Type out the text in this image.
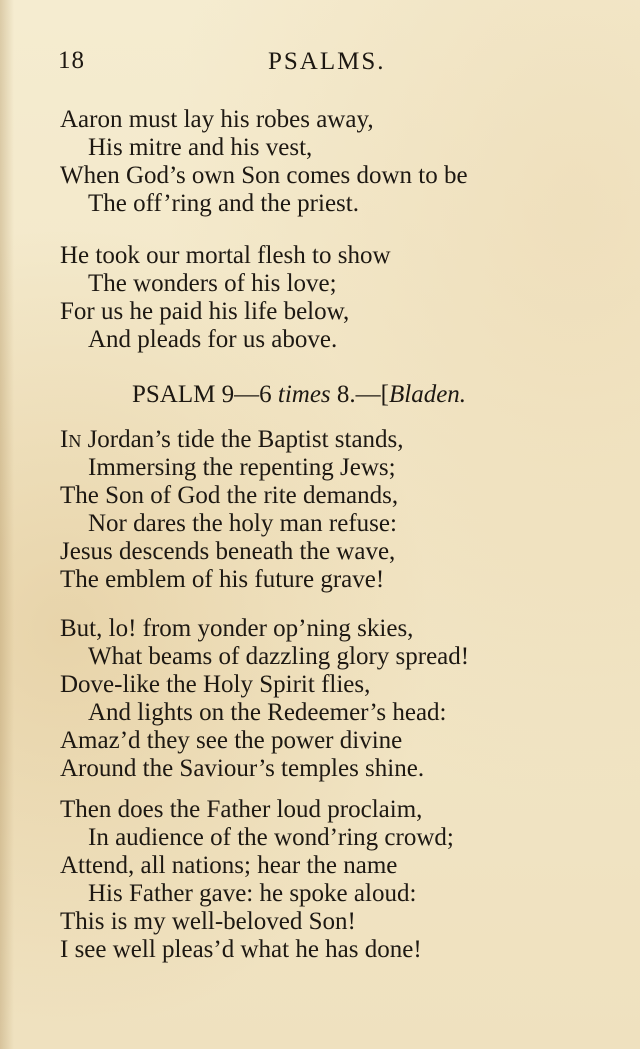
18	PSALMS.
Aaron must lay his robes away,
His mitre and his vest,
When God’s own Son comes down to be
The off’ring and the priest.
He took our mortal flesh to show
The wonders of his love;
For us he paid his life below,
And pleads for us above.
PSALM 9—6 times 8.—[Bladen.
In Jordan’s tide the Baptist stands,
Immersing the repenting Jews;
The Son of God the rite demands,
Nor dares the holy man refuse:
Jesus descends beneath the wave,
The emblem of his future grave!
But, lo! from yonder op’ning skies,
What beams of dazzling glory spread!
Dove-like the Holy Spirit flies,
And lights on the Redeemer’s head:
Amaz’d they see the power divine
Around the Saviour’s temples shine.
Then does the Father loud proclaim,
In audience of the wond’ring crowd;
Attend, all nations; hear the name
His Father gave: he spoke aloud:
This is my well-beloved Son!
I see well pleas’d what he has done!
